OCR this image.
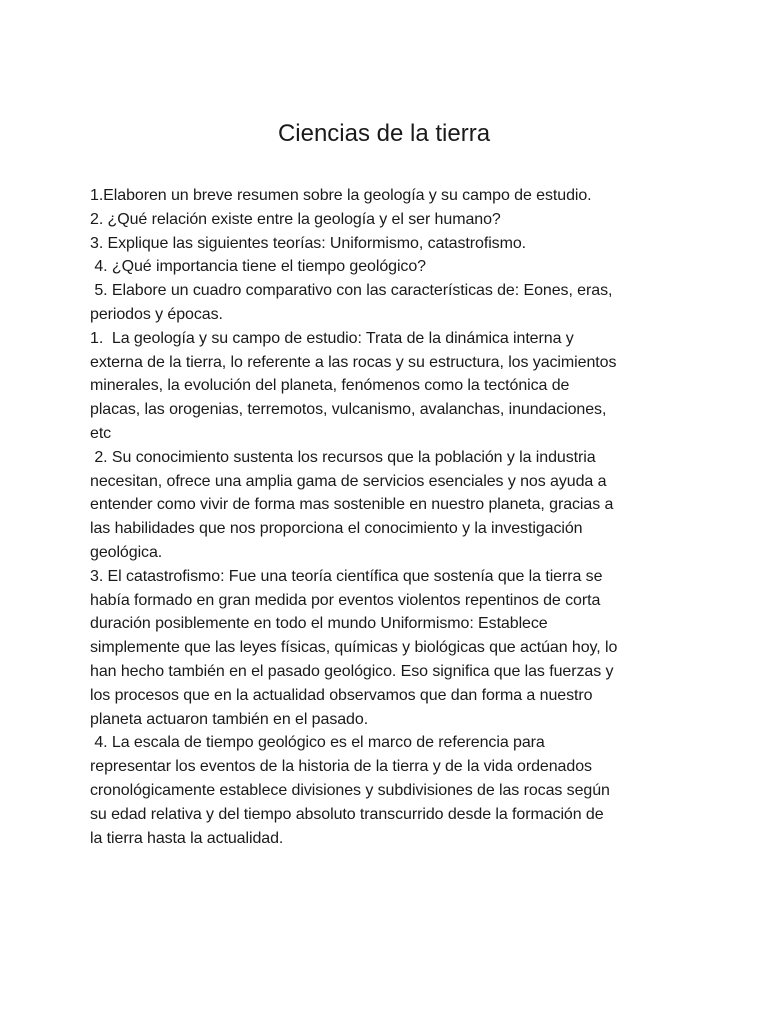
Ciencias de la tierra

1.Elaboren un breve resumen sobre la geología y su campo de estudio.

2. ¿Qué relación existe entre la geología y el ser humano?

3. Explique las siguientes teorías: Uniformismo, catastrofismo.

4. ¿Qué importancia tiene el tiempo geológico?

5. Elabore un cuadro comparativo con las características de: Eones, eras,

periodos y épocas.

1.  La geología y su campo de estudio: Trata de la dinámica interna y

externa de la tierra, lo referente a las rocas y su estructura, los yacimientos

minerales, la evolución del planeta, fenómenos como la tectónica de

placas, las orogenias, terremotos, vulcanismo, avalanchas, inundaciones,

etc

2. Su conocimiento sustenta los recursos que la población y la industria

necesitan, ofrece una amplia gama de servicios esenciales y nos ayuda a

entender como vivir de forma mas sostenible en nuestro planeta, gracias a

las habilidades que nos proporciona el conocimiento y la investigación

geológica.

3. El catastrofismo: Fue una teoría científica que sostenía que la tierra se

había formado en gran medida por eventos violentos repentinos de corta

duración posiblemente en todo el mundo Uniformismo: Establece

simplemente que las leyes físicas, químicas y biológicas que actúan hoy, lo

han hecho también en el pasado geológico. Eso significa que las fuerzas y

los procesos que en la actualidad observamos que dan forma a nuestro

planeta actuaron también en el pasado.

4. La escala de tiempo geológico es el marco de referencia para

representar los eventos de la historia de la tierra y de la vida ordenados

cronológicamente establece divisiones y subdivisiones de las rocas según

su edad relativa y del tiempo absoluto transcurrido desde la formación de

la tierra hasta la actualidad.
